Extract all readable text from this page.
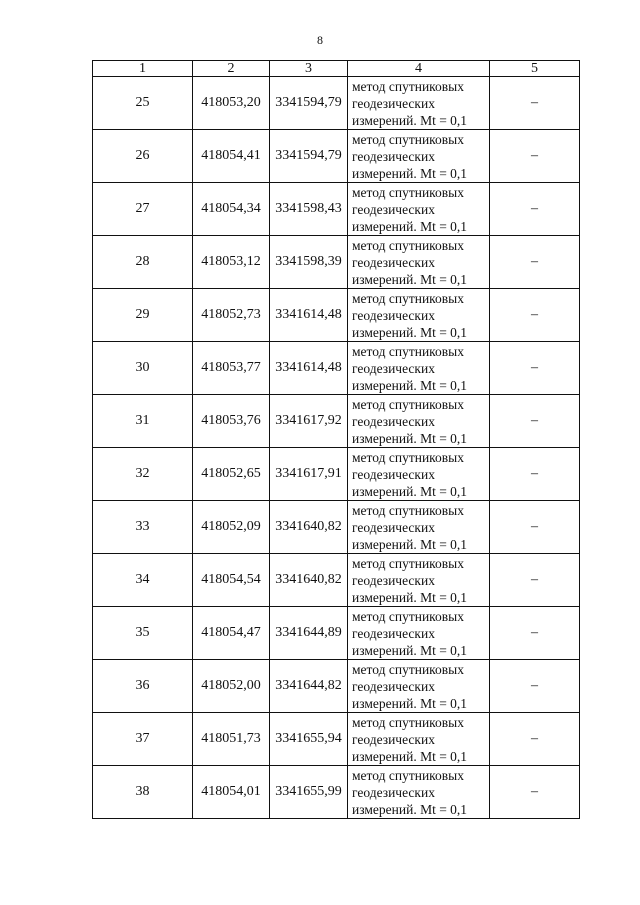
8
1	2	3	4	5
25	418053,20	3341594,79	метод спутниковых
геодезических
измерений. Mt = 0,1	–
26	418054,41	3341594,79	метод спутниковых
геодезических
измерений. Mt = 0,1	–
27	418054,34	3341598,43	метод спутниковых
геодезических
измерений. Mt = 0,1	–
28	418053,12	3341598,39	метод спутниковых
геодезических
измерений. Mt = 0,1	–
29	418052,73	3341614,48	метод спутниковых
геодезических
измерений. Mt = 0,1	–
30	418053,77	3341614,48	метод спутниковых
геодезических
измерений. Mt = 0,1	–
31	418053,76	3341617,92	метод спутниковых
геодезических
измерений. Mt = 0,1	–
32	418052,65	3341617,91	метод спутниковых
геодезических
измерений. Mt = 0,1	–
33	418052,09	3341640,82	метод спутниковых
геодезических
измерений. Mt = 0,1	–
34	418054,54	3341640,82	метод спутниковых
геодезических
измерений. Mt = 0,1	–
35	418054,47	3341644,89	метод спутниковых
геодезических
измерений. Mt = 0,1	–
36	418052,00	3341644,82	метод спутниковых
геодезических
измерений. Mt = 0,1	–
37	418051,73	3341655,94	метод спутниковых
геодезических
измерений. Mt = 0,1	–
38	418054,01	3341655,99	метод спутниковых
геодезических
измерений. Mt = 0,1	–
